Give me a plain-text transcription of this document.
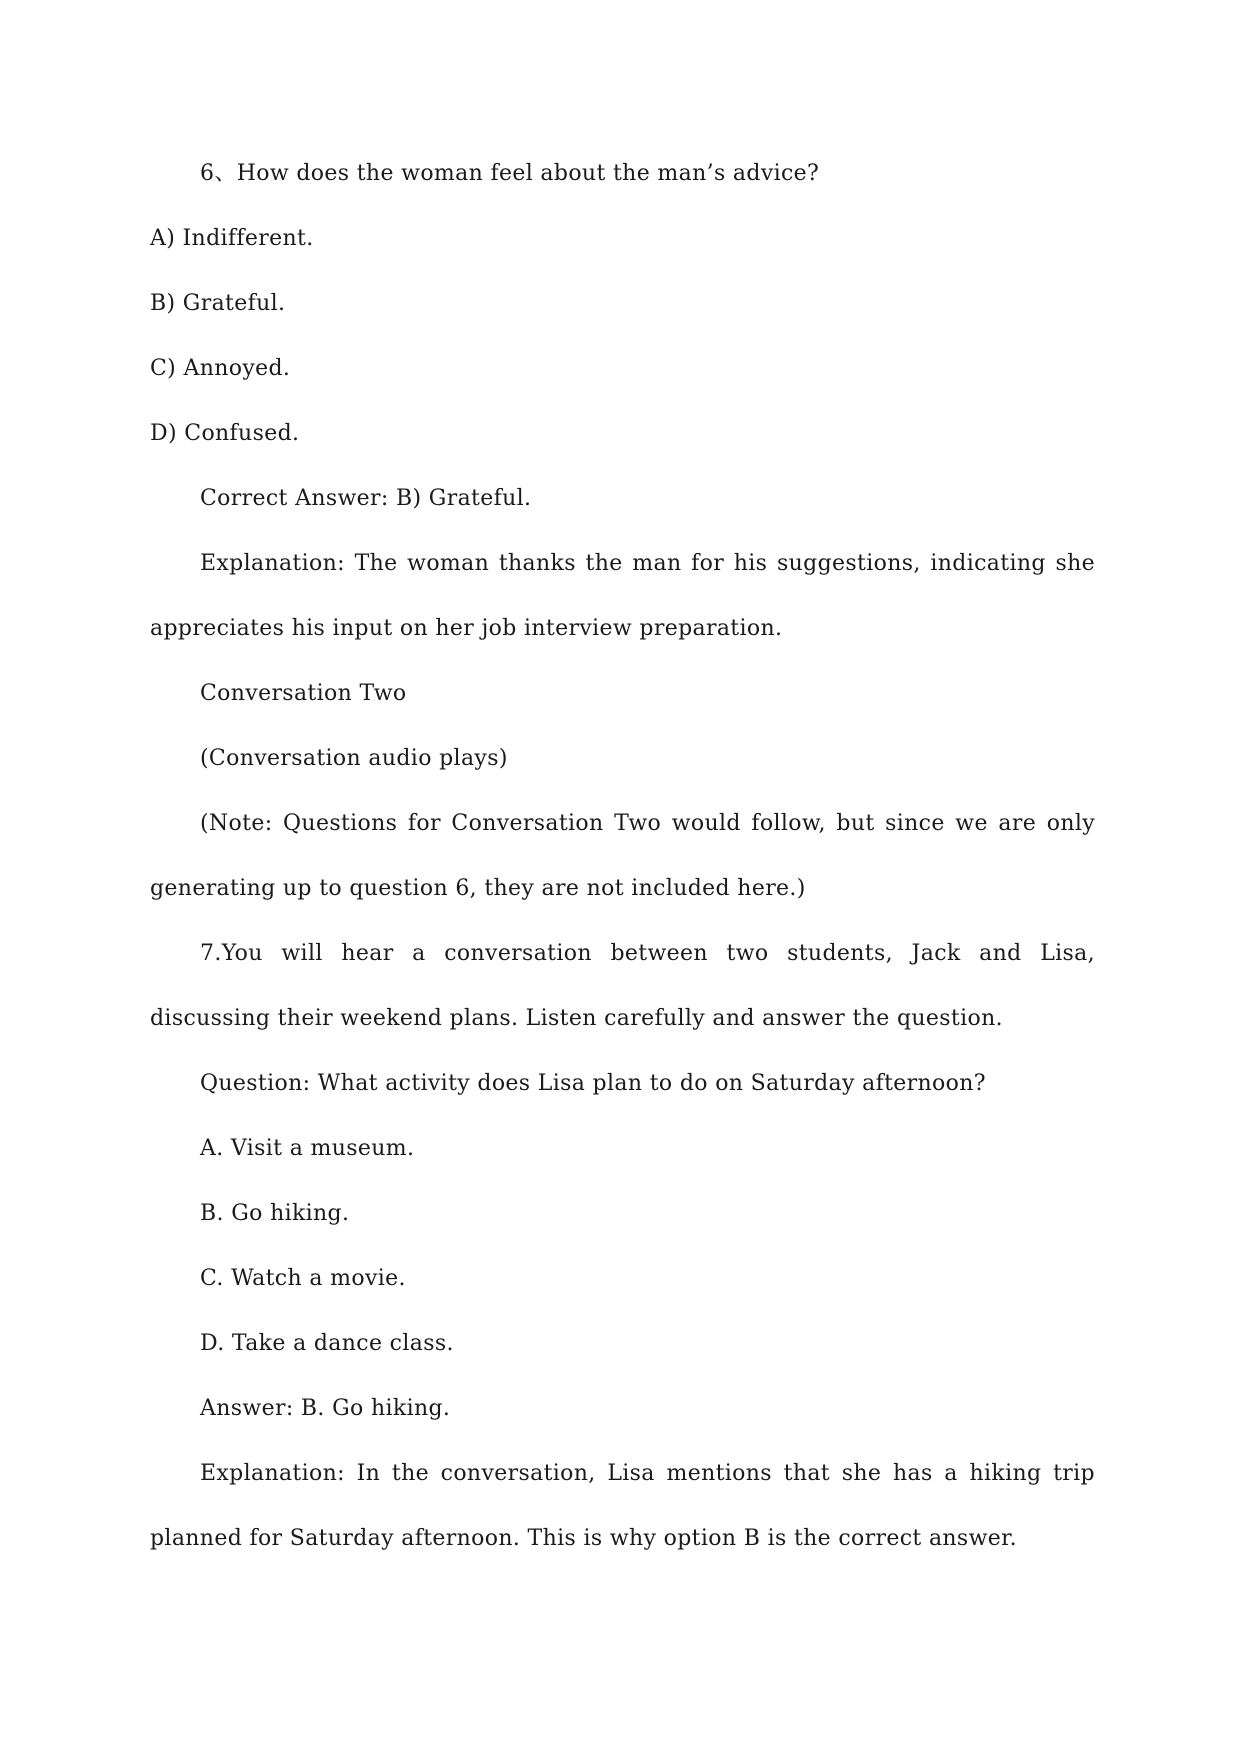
6、How does the woman feel about the man’s advice?
A) Indifferent.
B) Grateful.
C) Annoyed.
D) Confused.
Correct Answer: B) Grateful.
Explanation: The woman thanks the man for his suggestions, indicating she appreciates his input on her job interview preparation.
Conversation Two
(Conversation audio plays)
(Note: Questions for Conversation Two would follow, but since we are only generating up to question 6, they are not included here.)
7.You will hear a conversation between two students, Jack and Lisa, discussing their weekend plans. Listen carefully and answer the question.
Question: What activity does Lisa plan to do on Saturday afternoon?
A. Visit a museum.
B. Go hiking.
C. Watch a movie.
D. Take a dance class.
Answer: B. Go hiking.
Explanation: In the conversation, Lisa mentions that she has a hiking trip planned for Saturday afternoon. This is why option B is the correct answer.
